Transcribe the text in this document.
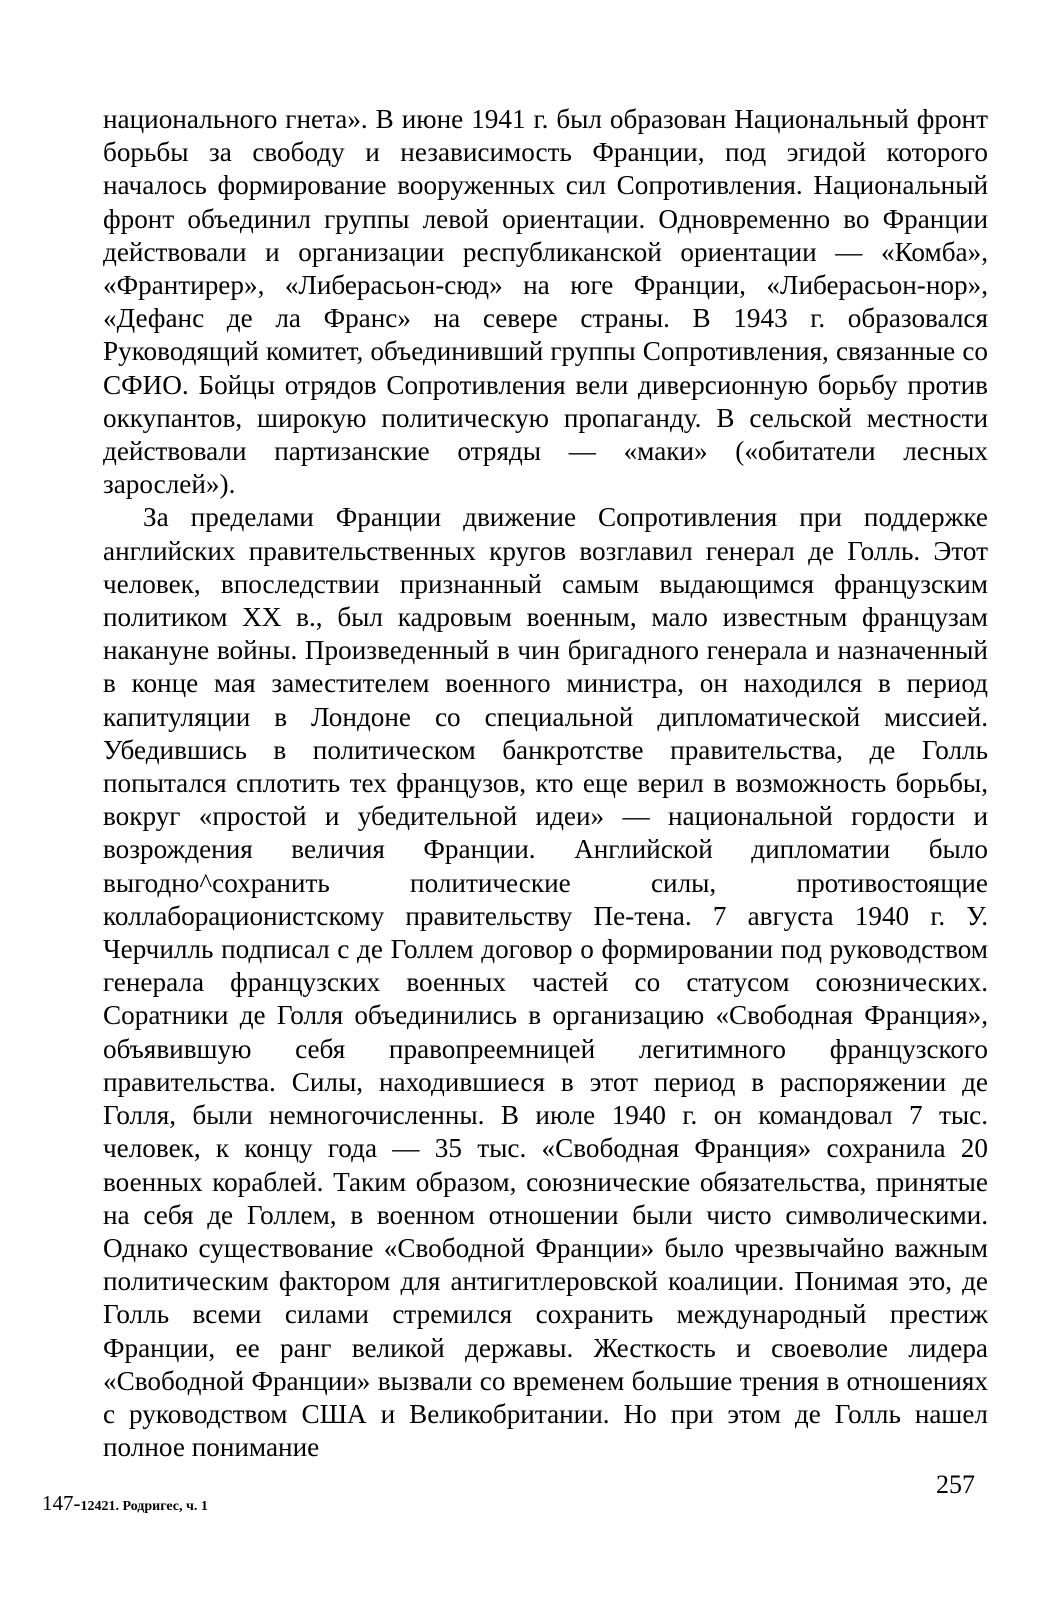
национального гнета». В июне 1941 г. был образован Национальный фронт борьбы за свободу и независимость Франции, под эгидой которого началось формирование вооруженных сил Сопротивления. Национальный фронт объединил группы левой ориентации. Одновременно во Франции действовали и организации республиканской ориентации — «Комба», «Франтирер», «Либерасьон-сюд» на юге Франции, «Либерасьон-нор», «Дефанс де ла Франс» на севере страны. В 1943 г. образовался Руководящий комитет, объединивший группы Сопротивления, связанные со СФИО. Бойцы отрядов Сопротивления вели диверсионную борьбу против оккупантов, широкую политическую пропаганду. В сельской местности действовали партизанские отряды — «маки» («обитатели лесных зарослей»).

За пределами Франции движение Сопротивления при поддержке английских правительственных кругов возглавил генерал де Голль. Этот человек, впоследствии признанный самым выдающимся французским политиком XX в., был кадровым военным, мало известным французам накануне войны. Произведенный в чин бригадного генерала и назначенный в конце мая заместителем военного министра, он находился в период капитуляции в Лондоне со специальной дипломатической миссией. Убедившись в политическом банкротстве правительства, де Голль попытался сплотить тех французов, кто еще верил в возможность борьбы, вокруг «простой и убедительной идеи» — национальной гордости и возрождения величия Франции. Английской дипломатии было выгодно^сохранить политические силы, противостоящие коллаборационистскому правительству Пе-тена. 7 августа 1940 г. У. Черчилль подписал с де Голлем договор о формировании под руководством генерала французских военных частей со статусом союзнических. Соратники де Голля объединились в организацию «Свободная Франция», объявившую себя правопреемницей легитимного французского правительства. Силы, находившиеся в этот период в распоряжении де Голля, были немногочисленны. В июле 1940 г. он командовал 7 тыс. человек, к концу года — 35 тыс. «Свободная Франция» сохранила 20 военных кораблей. Таким образом, союзнические обязательства, принятые на себя де Голлем, в военном отношении были чисто символическими. Однако существование «Свободной Франции» было чрезвычайно важным политическим фактором для антигитлеровской коалиции. Понимая это, де Голль всеми силами стремился сохранить международный престиж Франции, ее ранг великой державы. Жесткость и своеволие лидера «Свободной Франции» вызвали со временем большие трения в отношениях с руководством США и Великобритании. Но при этом де Голль нашел полное понимание

147-12421. Родригес, ч. 1
257
